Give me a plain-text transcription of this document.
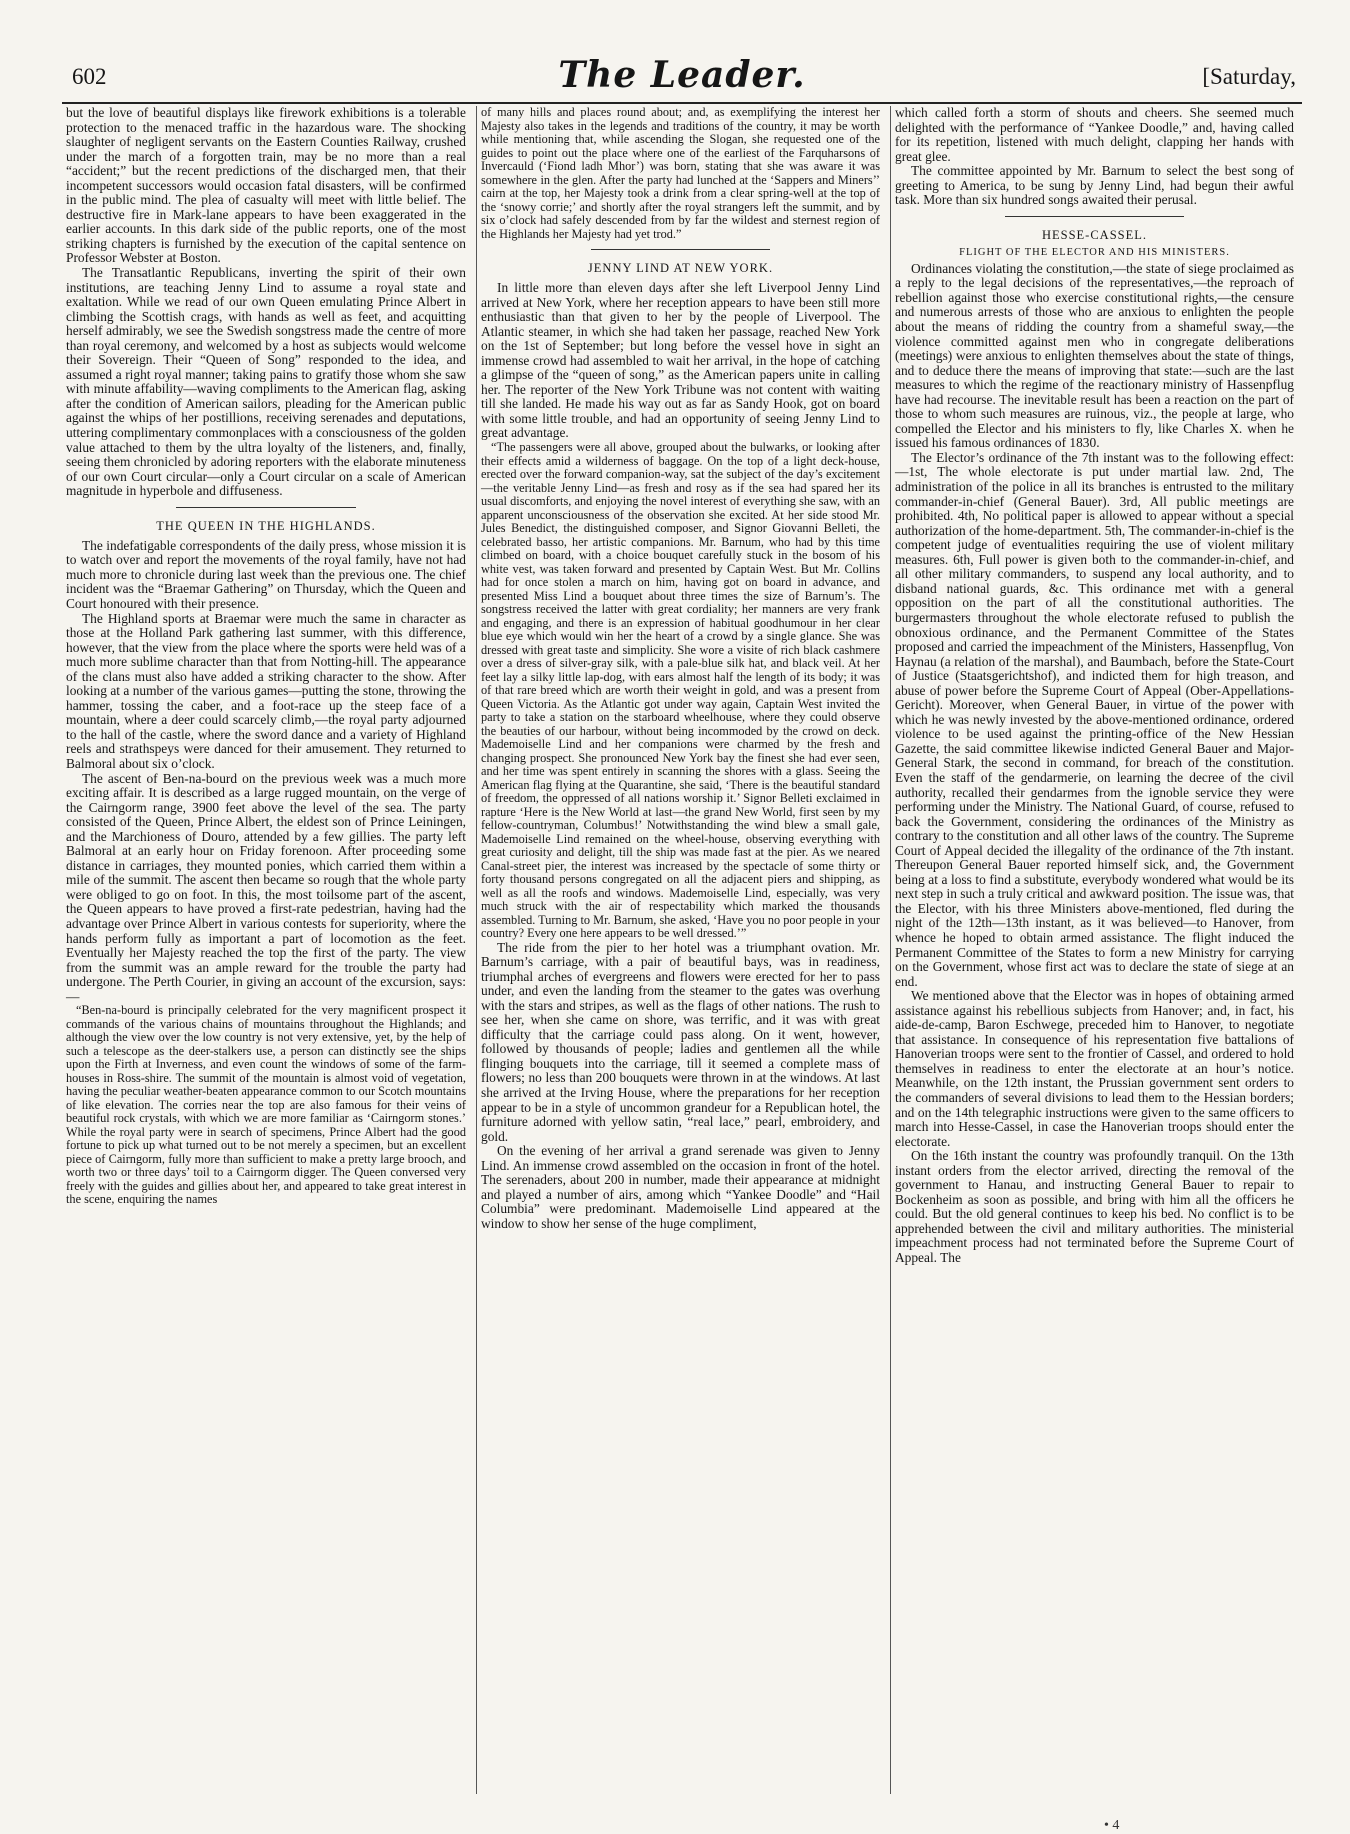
602	The Leader.	[Saturday,

but the love of beautiful displays like firework exhibitions is a tolerable protection to the menaced traffic in the hazardous ware. The shocking slaughter of negligent servants on the Eastern Counties Railway, crushed under the march of a forgotten train, may be no more than a real “accident;” but the recent predictions of the discharged men, that their incompetent successors would occasion fatal disasters, will be confirmed in the public mind. The plea of casualty will meet with little belief. The destructive fire in Mark-lane appears to have been exaggerated in the earlier accounts. In this dark side of the public reports, one of the most striking chapters is furnished by the execution of the capital sentence on Professor Webster at Boston.

The Transatlantic Republicans, inverting the spirit of their own institutions, are teaching Jenny Lind to assume a royal state and exaltation. While we read of our own Queen emulating Prince Albert in climbing the Scottish crags, with hands as well as feet, and acquitting herself admirably, we see the Swedish songstress made the centre of more than royal ceremony, and welcomed by a host as subjects would welcome their Sovereign. Their “Queen of Song” responded to the idea, and assumed a right royal manner; taking pains to gratify those whom she saw with minute affability—waving compliments to the American flag, asking after the condition of American sailors, pleading for the American public against the whips of her postillions, receiving serenades and deputations, uttering complimentary commonplaces with a consciousness of the golden value attached to them by the ultra loyalty of the listeners, and, finally, seeing them chronicled by adoring reporters with the elaborate minuteness of our own Court circular—only a Court circular on a scale of American magnitude in hyperbole and diffuseness.

THE QUEEN IN THE HIGHLANDS.

The indefatigable correspondents of the daily press, whose mission it is to watch over and report the movements of the royal family, have not had much more to chronicle during last week than the previous one. The chief incident was the “Braemar Gathering” on Thursday, which the Queen and Court honoured with their presence.

The Highland sports at Braemar were much the same in character as those at the Holland Park gathering last summer, with this difference, however, that the view from the place where the sports were held was of a much more sublime character than that from Notting-hill. The appearance of the clans must also have added a striking character to the show. After looking at a number of the various games—putting the stone, throwing the hammer, tossing the caber, and a foot-race up the steep face of a mountain, where a deer could scarcely climb,—the royal party adjourned to the hall of the castle, where the sword dance and a variety of Highland reels and strathspeys were danced for their amusement. They returned to Balmoral about six o’clock.

The ascent of Ben-na-bourd on the previous week was a much more exciting affair. It is described as a large rugged mountain, on the verge of the Cairngorm range, 3900 feet above the level of the sea. The party consisted of the Queen, Prince Albert, the eldest son of Prince Leiningen, and the Marchioness of Douro, attended by a few gillies. The party left Balmoral at an early hour on Friday forenoon. After proceeding some distance in carriages, they mounted ponies, which carried them within a mile of the summit. The ascent then became so rough that the whole party were obliged to go on foot. In this, the most toilsome part of the ascent, the Queen appears to have proved a first-rate pedestrian, having had the advantage over Prince Albert in various contests for superiority, where the hands perform fully as important a part of locomotion as the feet. Eventually her Majesty reached the top the first of the party. The view from the summit was an ample reward for the trouble the party had undergone. The Perth Courier, in giving an account of the excursion, says:—

“Ben-na-bourd is principally celebrated for the very magnificent prospect it commands of the various chains of mountains throughout the Highlands; and although the view over the low country is not very extensive, yet, by the help of such a telescope as the deer-stalkers use, a person can distinctly see the ships upon the Firth at Inverness, and even count the windows of some of the farm-houses in Ross-shire. The summit of the mountain is almost void of vegetation, having the peculiar weather-beaten appearance common to our Scotch mountains of like elevation. The corries near the top are also famous for their veins of beautiful rock crystals, with which we are more familiar as ‘Cairngorm stones.’ While the royal party were in search of specimens, Prince Albert had the good fortune to pick up what turned out to be not merely a specimen, but an excellent piece of Cairngorm, fully more than sufficient to make a pretty large brooch, and worth two or three days’ toil to a Cairngorm digger. The Queen conversed very freely with the guides and gillies about her, and appeared to take great interest in the scene, enquiring the names

of many hills and places round about; and, as exemplifying the interest her Majesty also takes in the legends and traditions of the country, it may be worth while mentioning that, while ascending the Slogan, she requested one of the guides to point out the place where one of the earliest of the Farquharsons of Invercauld (‘Fiond ladh Mhor’) was born, stating that she was aware it was somewhere in the glen. After the party had lunched at the ‘Sappers and Miners’’ cairn at the top, her Majesty took a drink from a clear spring-well at the top of the ‘snowy corrie;’ and shortly after the royal strangers left the summit, and by six o’clock had safely descended from by far the wildest and sternest region of the Highlands her Majesty had yet trod.”

JENNY LIND AT NEW YORK.

In little more than eleven days after she left Liverpool Jenny Lind arrived at New York, where her reception appears to have been still more enthusiastic than that given to her by the people of Liverpool. The Atlantic steamer, in which she had taken her passage, reached New York on the 1st of September; but long before the vessel hove in sight an immense crowd had assembled to wait her arrival, in the hope of catching a glimpse of the “queen of song,” as the American papers unite in calling her. The reporter of the New York Tribune was not content with waiting till she landed. He made his way out as far as Sandy Hook, got on board with some little trouble, and had an opportunity of seeing Jenny Lind to great advantage.

“The passengers were all above, grouped about the bulwarks, or looking after their effects amid a wilderness of baggage. On the top of a light deck-house, erected over the forward companion-way, sat the subject of the day’s excitement—the veritable Jenny Lind—as fresh and rosy as if the sea had spared her its usual discomforts, and enjoying the novel interest of everything she saw, with an apparent unconsciousness of the observation she excited. At her side stood Mr. Jules Benedict, the distinguished composer, and Signor Giovanni Belleti, the celebrated basso, her artistic companions. Mr. Barnum, who had by this time climbed on board, with a choice bouquet carefully stuck in the bosom of his white vest, was taken forward and presented by Captain West. But Mr. Collins had for once stolen a march on him, having got on board in advance, and presented Miss Lind a bouquet about three times the size of Barnum’s. The songstress received the latter with great cordiality; her manners are very frank and engaging, and there is an expression of habitual goodhumour in her clear blue eye which would win her the heart of a crowd by a single glance. She was dressed with great taste and simplicity. She wore a visite of rich black cashmere over a dress of silver-gray silk, with a pale-blue silk hat, and black veil. At her feet lay a silky little lap-dog, with ears almost half the length of its body; it was of that rare breed which are worth their weight in gold, and was a present from Queen Victoria. As the Atlantic got under way again, Captain West invited the party to take a station on the starboard wheelhouse, where they could observe the beauties of our harbour, without being incommoded by the crowd on deck. Mademoiselle Lind and her companions were charmed by the fresh and changing prospect. She pronounced New York bay the finest she had ever seen, and her time was spent entirely in scanning the shores with a glass. Seeing the American flag flying at the Quarantine, she said, ‘There is the beautiful standard of freedom, the oppressed of all nations worship it.’ Signor Belleti exclaimed in rapture ‘Here is the New World at last—the grand New World, first seen by my fellow-countryman, Columbus!’ Notwithstanding the wind blew a small gale, Mademoiselle Lind remained on the wheel-house, observing everything with great curiosity and delight, till the ship was made fast at the pier. As we neared Canal-street pier, the interest was increased by the spectacle of some thirty or forty thousand persons congregated on all the adjacent piers and shipping, as well as all the roofs and windows. Mademoiselle Lind, especially, was very much struck with the air of respectability which marked the thousands assembled. Turning to Mr. Barnum, she asked, ‘Have you no poor people in your country? Every one here appears to be well dressed.’”

The ride from the pier to her hotel was a triumphant ovation. Mr. Barnum’s carriage, with a pair of beautiful bays, was in readiness, triumphal arches of evergreens and flowers were erected for her to pass under, and even the landing from the steamer to the gates was overhung with the stars and stripes, as well as the flags of other nations. The rush to see her, when she came on shore, was terrific, and it was with great difficulty that the carriage could pass along. On it went, however, followed by thousands of people; ladies and gentlemen all the while flinging bouquets into the carriage, till it seemed a complete mass of flowers; no less than 200 bouquets were thrown in at the windows. At last she arrived at the Irving House, where the preparations for her reception appear to be in a style of uncommon grandeur for a Republican hotel, the furniture adorned with yellow satin, “real lace,” pearl, embroidery, and gold.

On the evening of her arrival a grand serenade was given to Jenny Lind. An immense crowd assembled on the occasion in front of the hotel. The serenaders, about 200 in number, made their appearance at midnight and played a number of airs, among which “Yankee Doodle” and “Hail Columbia” were predominant. Mademoiselle Lind appeared at the window to show her sense of the huge compliment,

which called forth a storm of shouts and cheers. She seemed much delighted with the performance of “Yankee Doodle,” and, having called for its repetition, listened with much delight, clapping her hands with great glee.

The committee appointed by Mr. Barnum to select the best song of greeting to America, to be sung by Jenny Lind, had begun their awful task. More than six hundred songs awaited their perusal.

HESSE-CASSEL.
FLIGHT OF THE ELECTOR AND HIS MINISTERS.

Ordinances violating the constitution,—the state of siege proclaimed as a reply to the legal decisions of the representatives,—the reproach of rebellion against those who exercise constitutional rights,—the censure and numerous arrests of those who are anxious to enlighten the people about the means of ridding the country from a shameful sway,—the violence committed against men who in congregate deliberations (meetings) were anxious to enlighten themselves about the state of things, and to deduce there the means of improving that state:—such are the last measures to which the regime of the reactionary ministry of Hassenpflug have had recourse. The inevitable result has been a reaction on the part of those to whom such measures are ruinous, viz., the people at large, who compelled the Elector and his ministers to fly, like Charles X. when he issued his famous ordinances of 1830.

The Elector’s ordinance of the 7th instant was to the following effect:—1st, The whole electorate is put under martial law. 2nd, The administration of the police in all its branches is entrusted to the military commander-in-chief (General Bauer). 3rd, All public meetings are prohibited. 4th, No political paper is allowed to appear without a special authorization of the home-department. 5th, The commander-in-chief is the competent judge of eventualities requiring the use of violent military measures. 6th, Full power is given both to the commander-in-chief, and all other military commanders, to suspend any local authority, and to disband national guards, &c. This ordinance met with a general opposition on the part of all the constitutional authorities. The burgermasters throughout the whole electorate refused to publish the obnoxious ordinance, and the Permanent Committee of the States proposed and carried the impeachment of the Ministers, Hassenpflug, Von Haynau (a relation of the marshal), and Baumbach, before the State-Court of Justice (Staatsgerichtshof), and indicted them for high treason, and abuse of power before the Supreme Court of Appeal (Ober-Appellations-Gericht). Moreover, when General Bauer, in virtue of the power with which he was newly invested by the above-mentioned ordinance, ordered violence to be used against the printing-office of the New Hessian Gazette, the said committee likewise indicted General Bauer and Major-General Stark, the second in command, for breach of the constitution. Even the staff of the gendarmerie, on learning the decree of the civil authority, recalled their gendarmes from the ignoble service they were performing under the Ministry. The National Guard, of course, refused to back the Government, considering the ordinances of the Ministry as contrary to the constitution and all other laws of the country. The Supreme Court of Appeal decided the illegality of the ordinance of the 7th instant. Thereupon General Bauer reported himself sick, and, the Government being at a loss to find a substitute, everybody wondered what would be its next step in such a truly critical and awkward position. The issue was, that the Elector, with his three Ministers above-mentioned, fled during the night of the 12th—13th instant, as it was believed—to Hanover, from whence he hoped to obtain armed assistance. The flight induced the Permanent Committee of the States to form a new Ministry for carrying on the Government, whose first act was to declare the state of siege at an end.

We mentioned above that the Elector was in hopes of obtaining armed assistance against his rebellious subjects from Hanover; and, in fact, his aide-de-camp, Baron Eschwege, preceded him to Hanover, to negotiate that assistance. In consequence of his representation five battalions of Hanoverian troops were sent to the frontier of Cassel, and ordered to hold themselves in readiness to enter the electorate at an hour’s notice. Meanwhile, on the 12th instant, the Prussian government sent orders to the commanders of several divisions to lead them to the Hessian borders; and on the 14th telegraphic instructions were given to the same officers to march into Hesse-Cassel, in case the Hanoverian troops should enter the electorate.

On the 16th instant the country was profoundly tranquil. On the 13th instant orders from the elector arrived, directing the removal of the government to Hanau, and instructing General Bauer to repair to Bockenheim as soon as possible, and bring with him all the officers he could. But the old general continues to keep his bed. No conflict is to be apprehended between the civil and military authorities. The ministerial impeachment process had not terminated before the Supreme Court of Appeal. The

• 4
